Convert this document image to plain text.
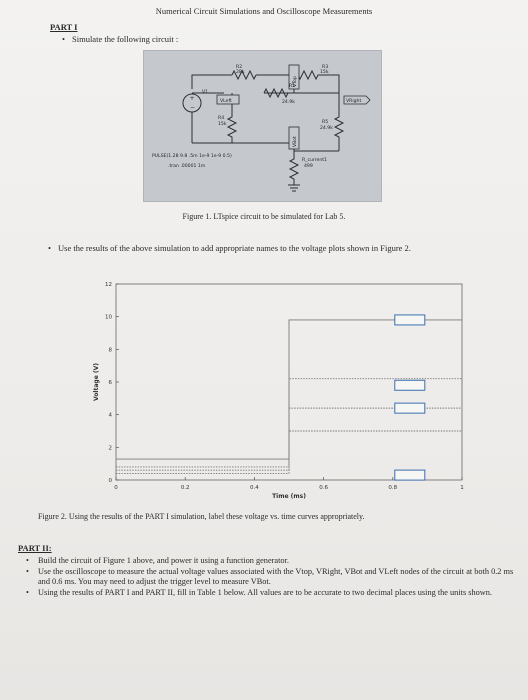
Numerical Circuit Simulations and Oscilloscope Measurements
PART I
• Simulate the following circuit :
+
−
R2
28k
R3
15k
V1
VLeft
VTop
VRight
24.9k
R1
R4
15k	R5
24.9k
VBot
R_current1
499
PULSE(1.28 9.8 .5m 1e-9 1e-9 0.5)
.tran .00001 1m
Figure 1. LTspice circuit to be simulated for Lab 5.
• Use the results of the above simulation to add appropriate names to the voltage plots shown in Figure 2.
0
2
4
6
8
10
12
0	0.2	0.4	0.6	0.8	1
Time (ms)
Voltage (V)
Figure 2. Using the results of the PART I simulation, label these voltage vs. time curves appropriately.
PART II:
• Build the circuit of Figure 1 above, and power it using a function generator.
• Use the oscilloscope to measure the actual voltage values associated with the Vtop, VRight, VBot and VLeft nodes of the circuit at both 0.2 ms and 0.6 ms. You may need to adjust the trigger level to measure VBot.
• Using the results of PART I and PART II, fill in Table 1 below. All values are to be accurate to two decimal places using the units shown.
